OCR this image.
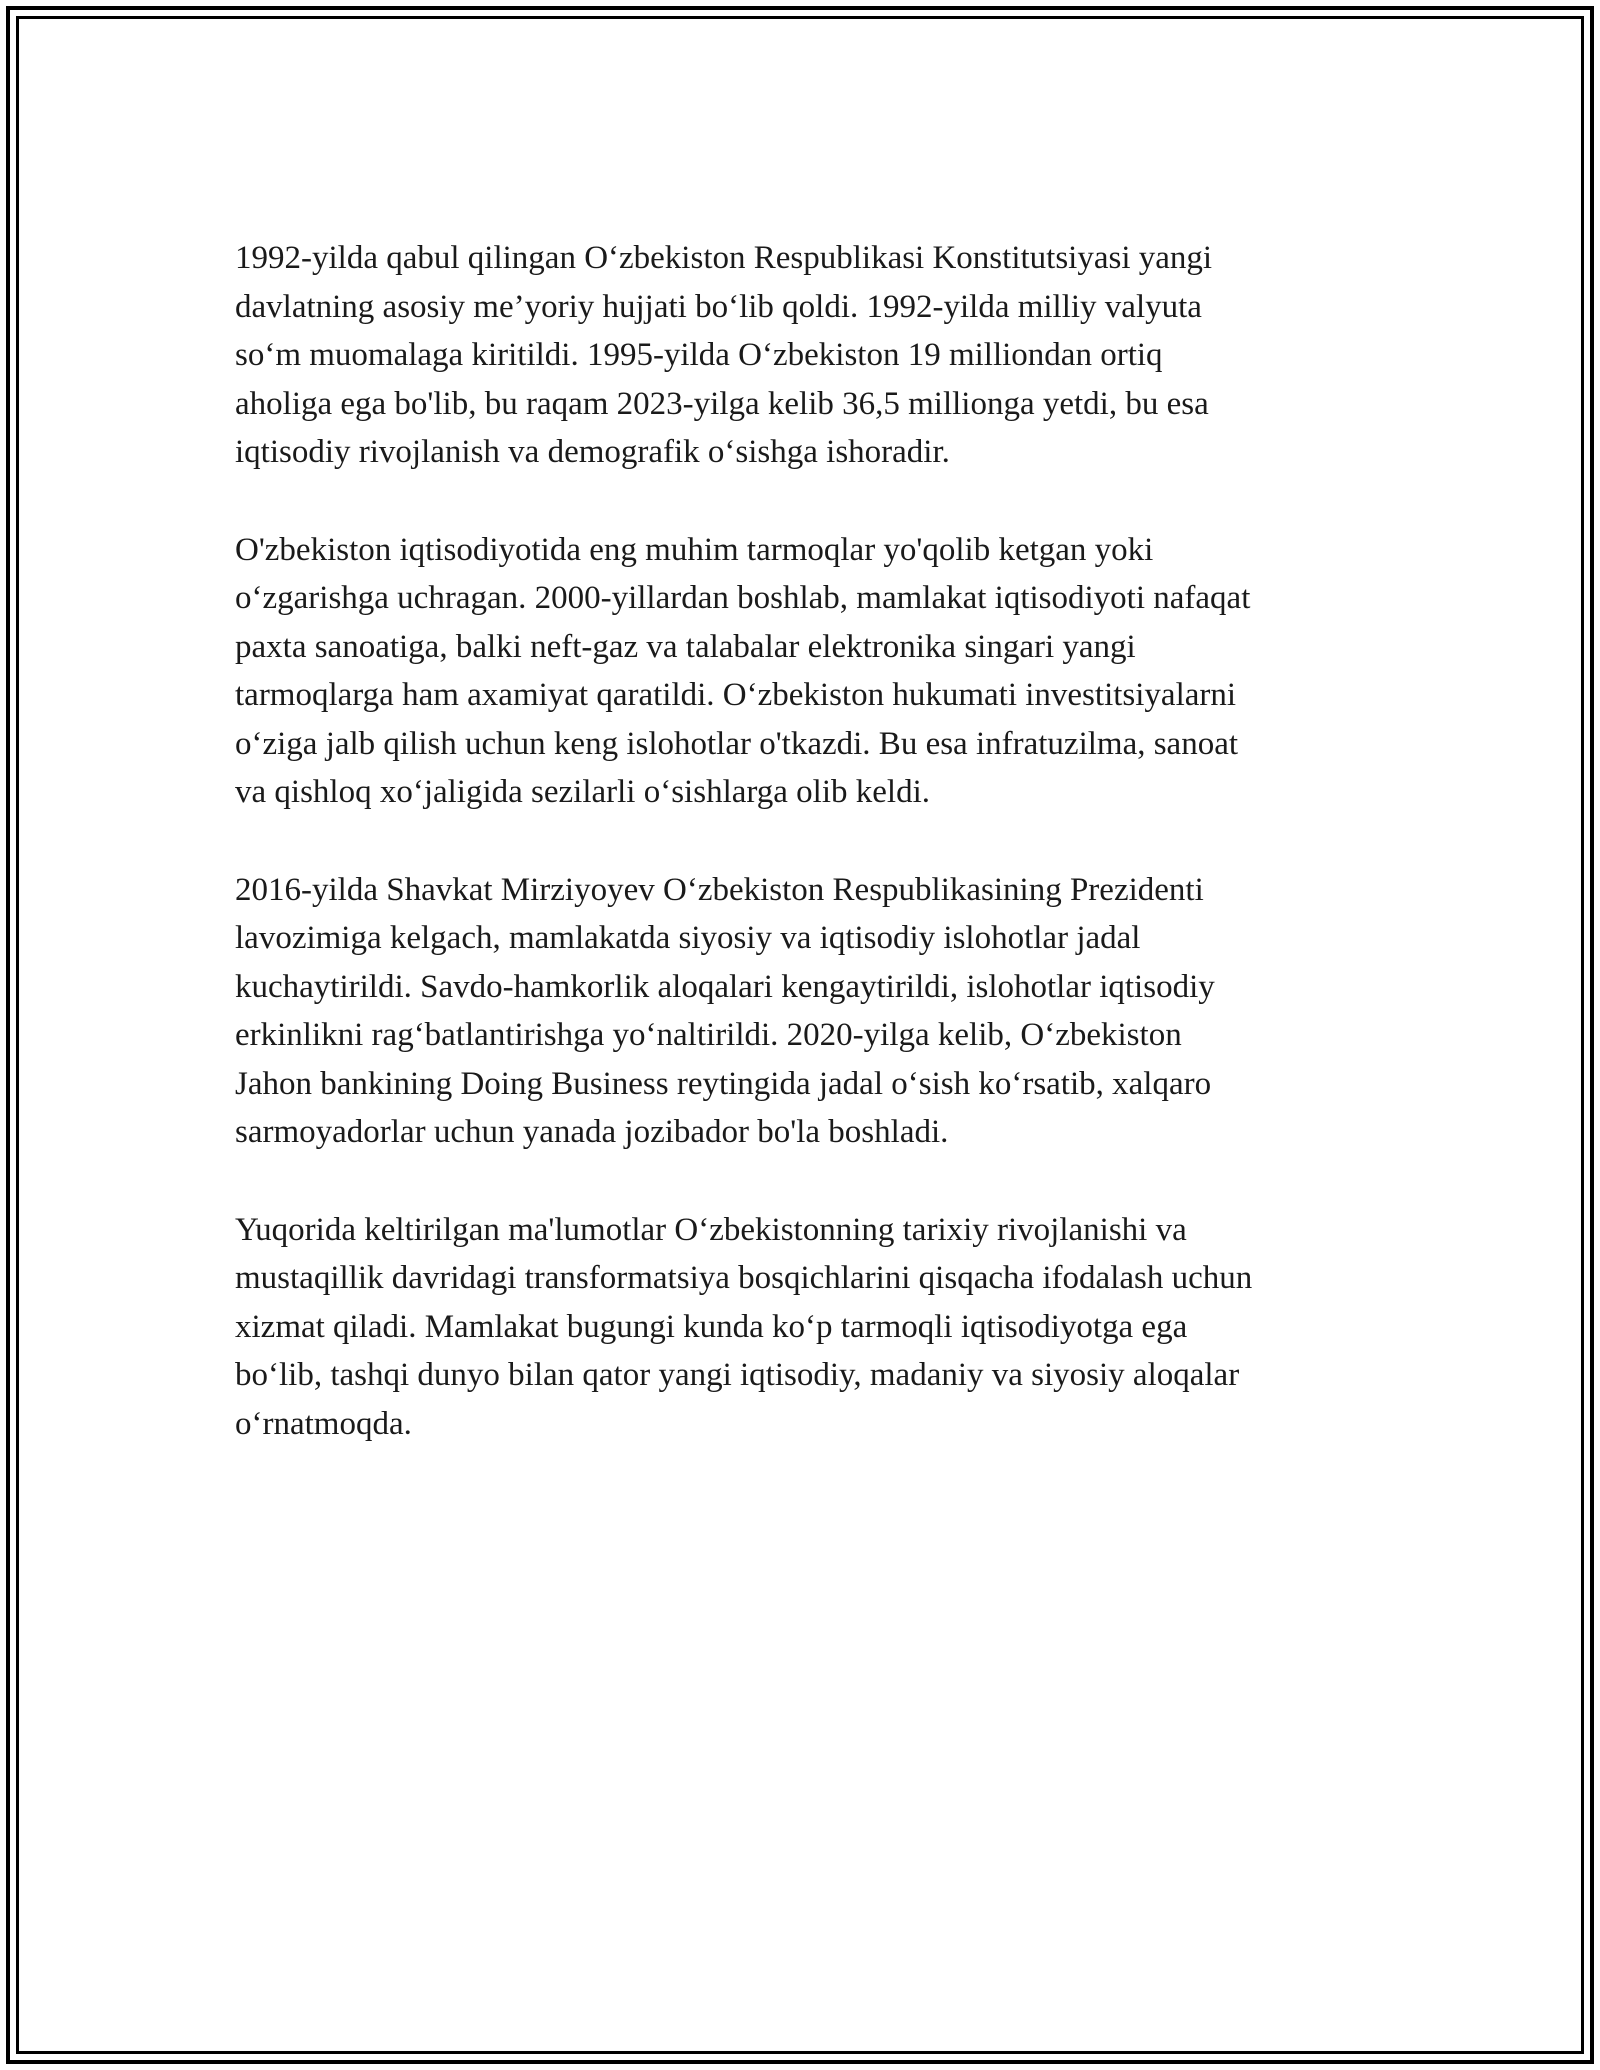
1992-yilda qabul qilingan O‘zbekiston Respublikasi Konstitutsiyasi yangi
davlatning asosiy me’yoriy hujjati bo‘lib qoldi. 1992-yilda milliy valyuta
so‘m muomalaga kiritildi. 1995-yilda O‘zbekiston 19 milliondan ortiq
aholiga ega bo'lib, bu raqam 2023-yilga kelib 36,5 millionga yetdi, bu esa
iqtisodiy rivojlanish va demografik o‘sishga ishoradir.

O'zbekiston iqtisodiyotida eng muhim tarmoqlar yo'qolib ketgan yoki
o‘zgarishga uchragan. 2000-yillardan boshlab, mamlakat iqtisodiyoti nafaqat
paxta sanoatiga, balki neft-gaz va talabalar elektronika singari yangi
tarmoqlarga ham axamiyat qaratildi. O‘zbekiston hukumati investitsiyalarni
o‘ziga jalb qilish uchun keng islohotlar o'tkazdi. Bu esa infratuzilma, sanoat
va qishloq xo‘jaligida sezilarli o‘sishlarga olib keldi.

2016-yilda Shavkat Mirziyoyev O‘zbekiston Respublikasining Prezidenti
lavozimiga kelgach, mamlakatda siyosiy va iqtisodiy islohotlar jadal
kuchaytirildi. Savdo-hamkorlik aloqalari kengaytirildi, islohotlar iqtisodiy
erkinlikni rag‘batlantirishga yo‘naltirildi. 2020-yilga kelib, O‘zbekiston
Jahon bankining Doing Business reytingida jadal o‘sish ko‘rsatib, xalqaro
sarmoyadorlar uchun yanada jozibador bo'la boshladi.

Yuqorida keltirilgan ma'lumotlar O‘zbekistonning tarixiy rivojlanishi va
mustaqillik davridagi transformatsiya bosqichlarini qisqacha ifodalash uchun
xizmat qiladi. Mamlakat bugungi kunda ko‘p tarmoqli iqtisodiyotga ega
bo‘lib, tashqi dunyo bilan qator yangi iqtisodiy, madaniy va siyosiy aloqalar
o‘rnatmoqda.
